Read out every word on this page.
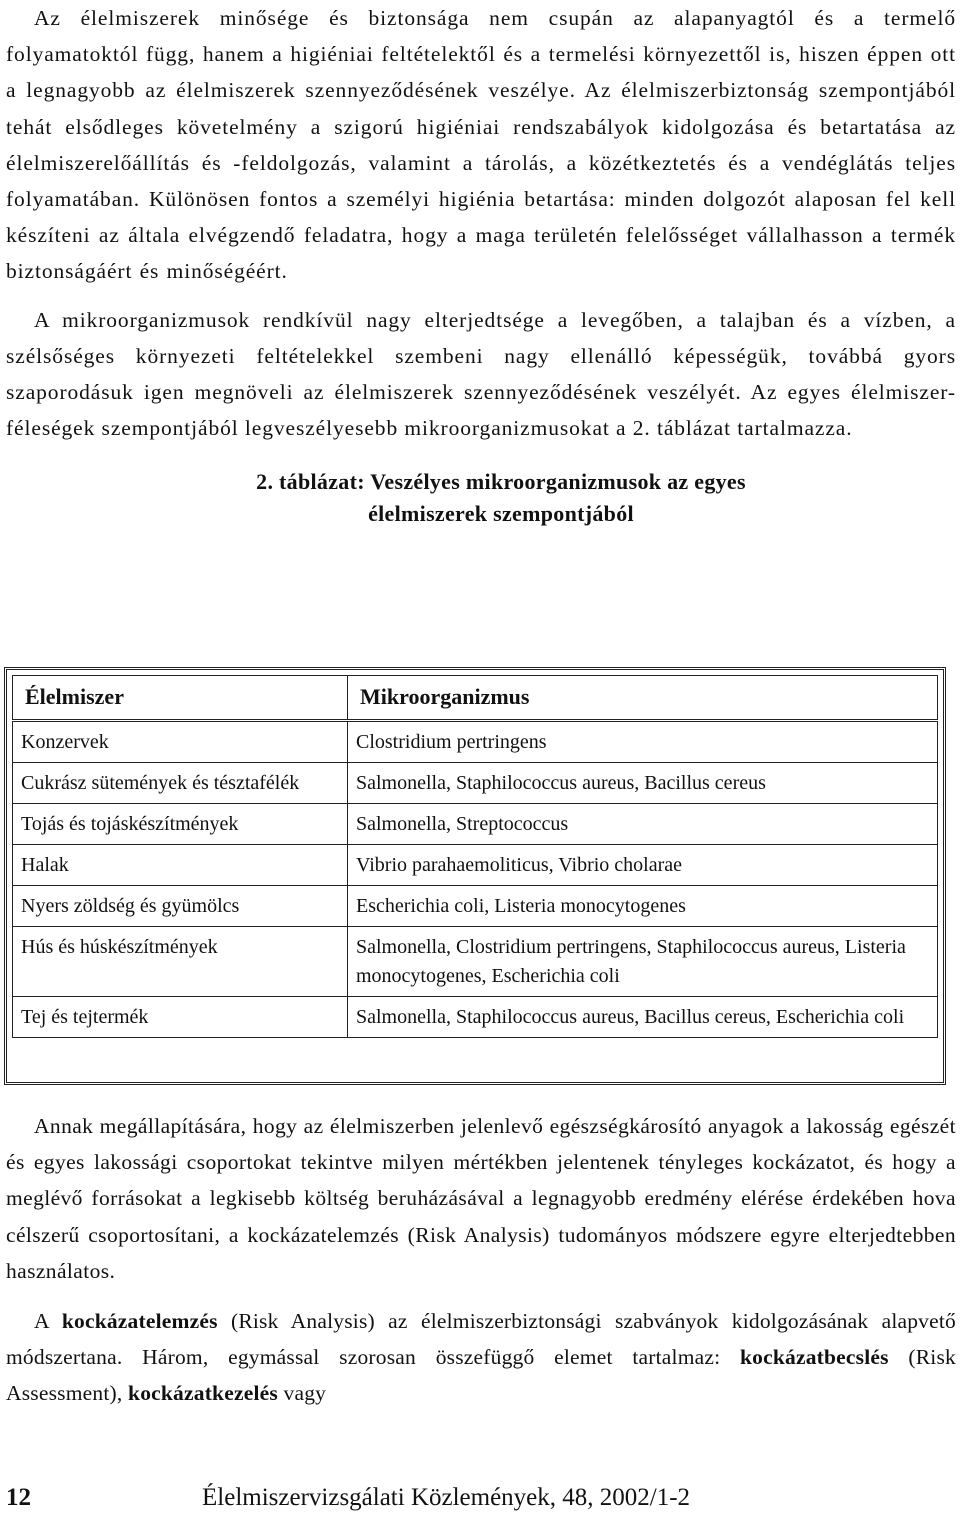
Az élelmiszerek minősége és biztonsága nem csupán az alapanyagtól és a termelő folyamatoktól függ, hanem a higiéniai feltételektől és a termelési környezettől is, hiszen éppen ott a legnagyobb az élelmiszerek szennyeződésének veszélye. Az élelmiszerbiztonság szempontjából tehát elsődleges követelmény a szigorú higiéniai rendszabályok kidolgozása és betartatása az élelmiszerelőállítás és -feldolgozás, valamint a tárolás, a közétkeztetés és a vendéglátás teljes folyamatában. Különösen fontos a személyi higiénia betartása: minden dolgozót alaposan fel kell készíteni az általa elvégzendő feladatra, hogy a maga területén felelősséget vállalhasson a termék biztonságáért és minőségéért.

A mikroorganizmusok rendkívül nagy elterjedtsége a levegőben, a talajban és a vízben, a szélsőséges környezeti feltételekkel szembeni nagy ellenálló képességük, továbbá gyors szaporodásuk igen megnöveli az élelmiszerek szennyeződésének veszélyét. Az egyes élelmiszer-féleségek szempontjából legveszélyesebb mikroorganizmusokat a 2. táblázat tartalmazza.

2. táblázat: Veszélyes mikroorganizmusok az egyes
élelmiszerek szempontjából
Élelmiszer	Mikroorganizmus
Konzervek	Clostridium pertringens
Cukrász sütemények és tésztafélék	Salmonella, Staphilococcus aureus, Bacillus cereus
Tojás és tojáskészítmények	Salmonella, Streptococcus
Halak	Vibrio parahaemoliticus, Vibrio cholarae
Nyers zöldség és gyümölcs	Escherichia coli, Listeria monocytogenes
Hús és húskészítmények	Salmonella, Clostridium pertringens, Staphilococcus aureus, Listeria monocytogenes, Escherichia coli
Tej és tejtermék	Salmonella, Staphilococcus aureus, Bacillus cereus, Escherichia coli

Annak megállapítására, hogy az élelmiszerben jelenlevő egészségkárosító anyagok a lakosság egészét és egyes lakossági csoportokat tekintve milyen mértékben jelentenek tényleges kockázatot, és hogy a meglévő forrásokat a legkisebb költség beruházásával a legnagyobb eredmény elérése érdekében hova célszerű csoportosítani, a kockázatelemzés (Risk Analysis) tudományos módszere egyre elterjedtebben használatos.

A kockázatelemzés (Risk Analysis) az élelmiszerbiztonsági szabványok kidolgozásának alapvető módszertana. Három, egymással szorosan összefüggő elemet tartalmaz: kockázatbecslés (Risk Assessment), kockázatkezelés vagy

12	Élelmiszervizsgálati Közlemények, 48, 2002/1-2
